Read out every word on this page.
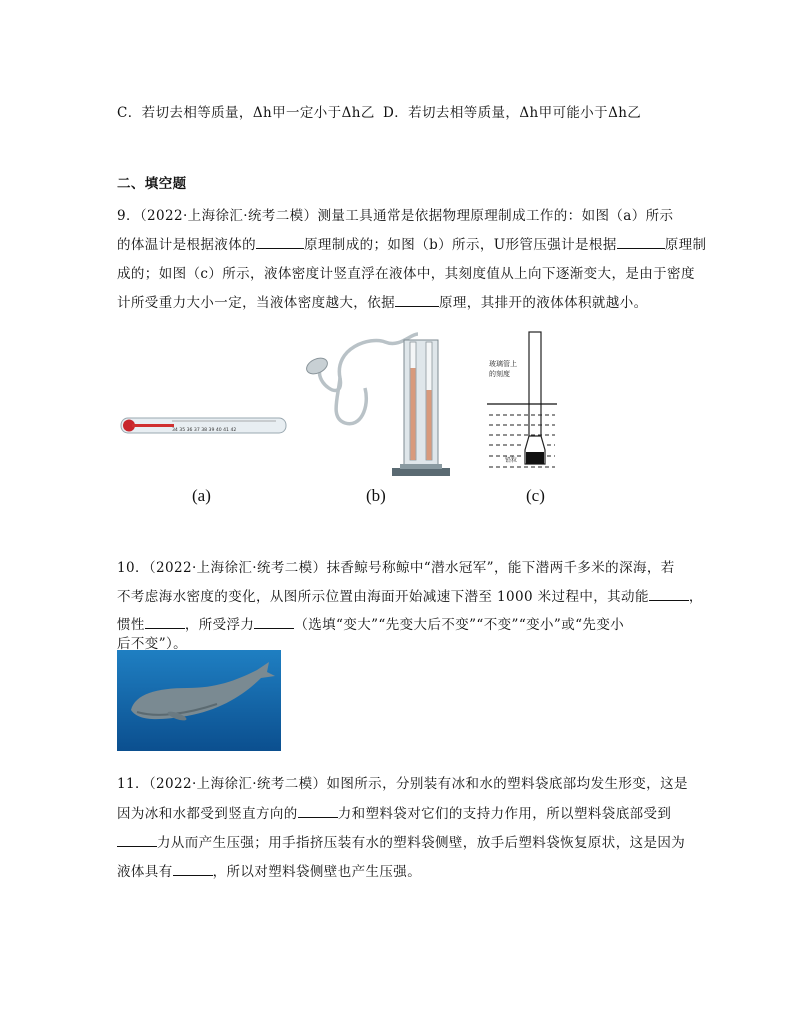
C．若切去相等质量，Δh甲一定小于Δh乙 D．若切去相等质量，Δh甲可能小于Δh乙
二、填空题
9．（2022·上海徐汇·统考二模）测量工具通常是依据物理原理制成工作的：如图（a）所示
的体温计是根据液体的	原理制成的；如图（b）所示，U形管压强计是根据	原理制
成的；如图（c）所示，液体密度计竖直浮在液体中，其刻度值从上向下逐渐变大，是由于密度
计所受重力大小一定，当液体密度越大，依据	原理，其排开的液体体积就越小。
34 35 36 37 38 39 40 41 42
玻璃管上
的刻度
铅粒
(a)	(b)	(c)
10．（2022·上海徐汇·统考二模）抹香鲸号称鲸中“潜水冠军”，能下潜两千多米的深海，若
不考虑海水密度的变化，从图所示位置由海面开始减速下潜至 1000 米过程中，其动能	，
惯性	，所受浮力	（选填“变大”“先变大后不变”“不变”“变小”或“先变小
后不变”）。
11．（2022·上海徐汇·统考二模）如图所示，分别装有冰和水的塑料袋底部均发生形变，这是
因为冰和水都受到竖直方向的	力和塑料袋对它们的支持力作用，所以塑料袋底部受到
力从而产生压强；用手指挤压装有水的塑料袋侧壁，放手后塑料袋恢复原状，这是因为
液体具有	，所以对塑料袋侧壁也产生压强。
